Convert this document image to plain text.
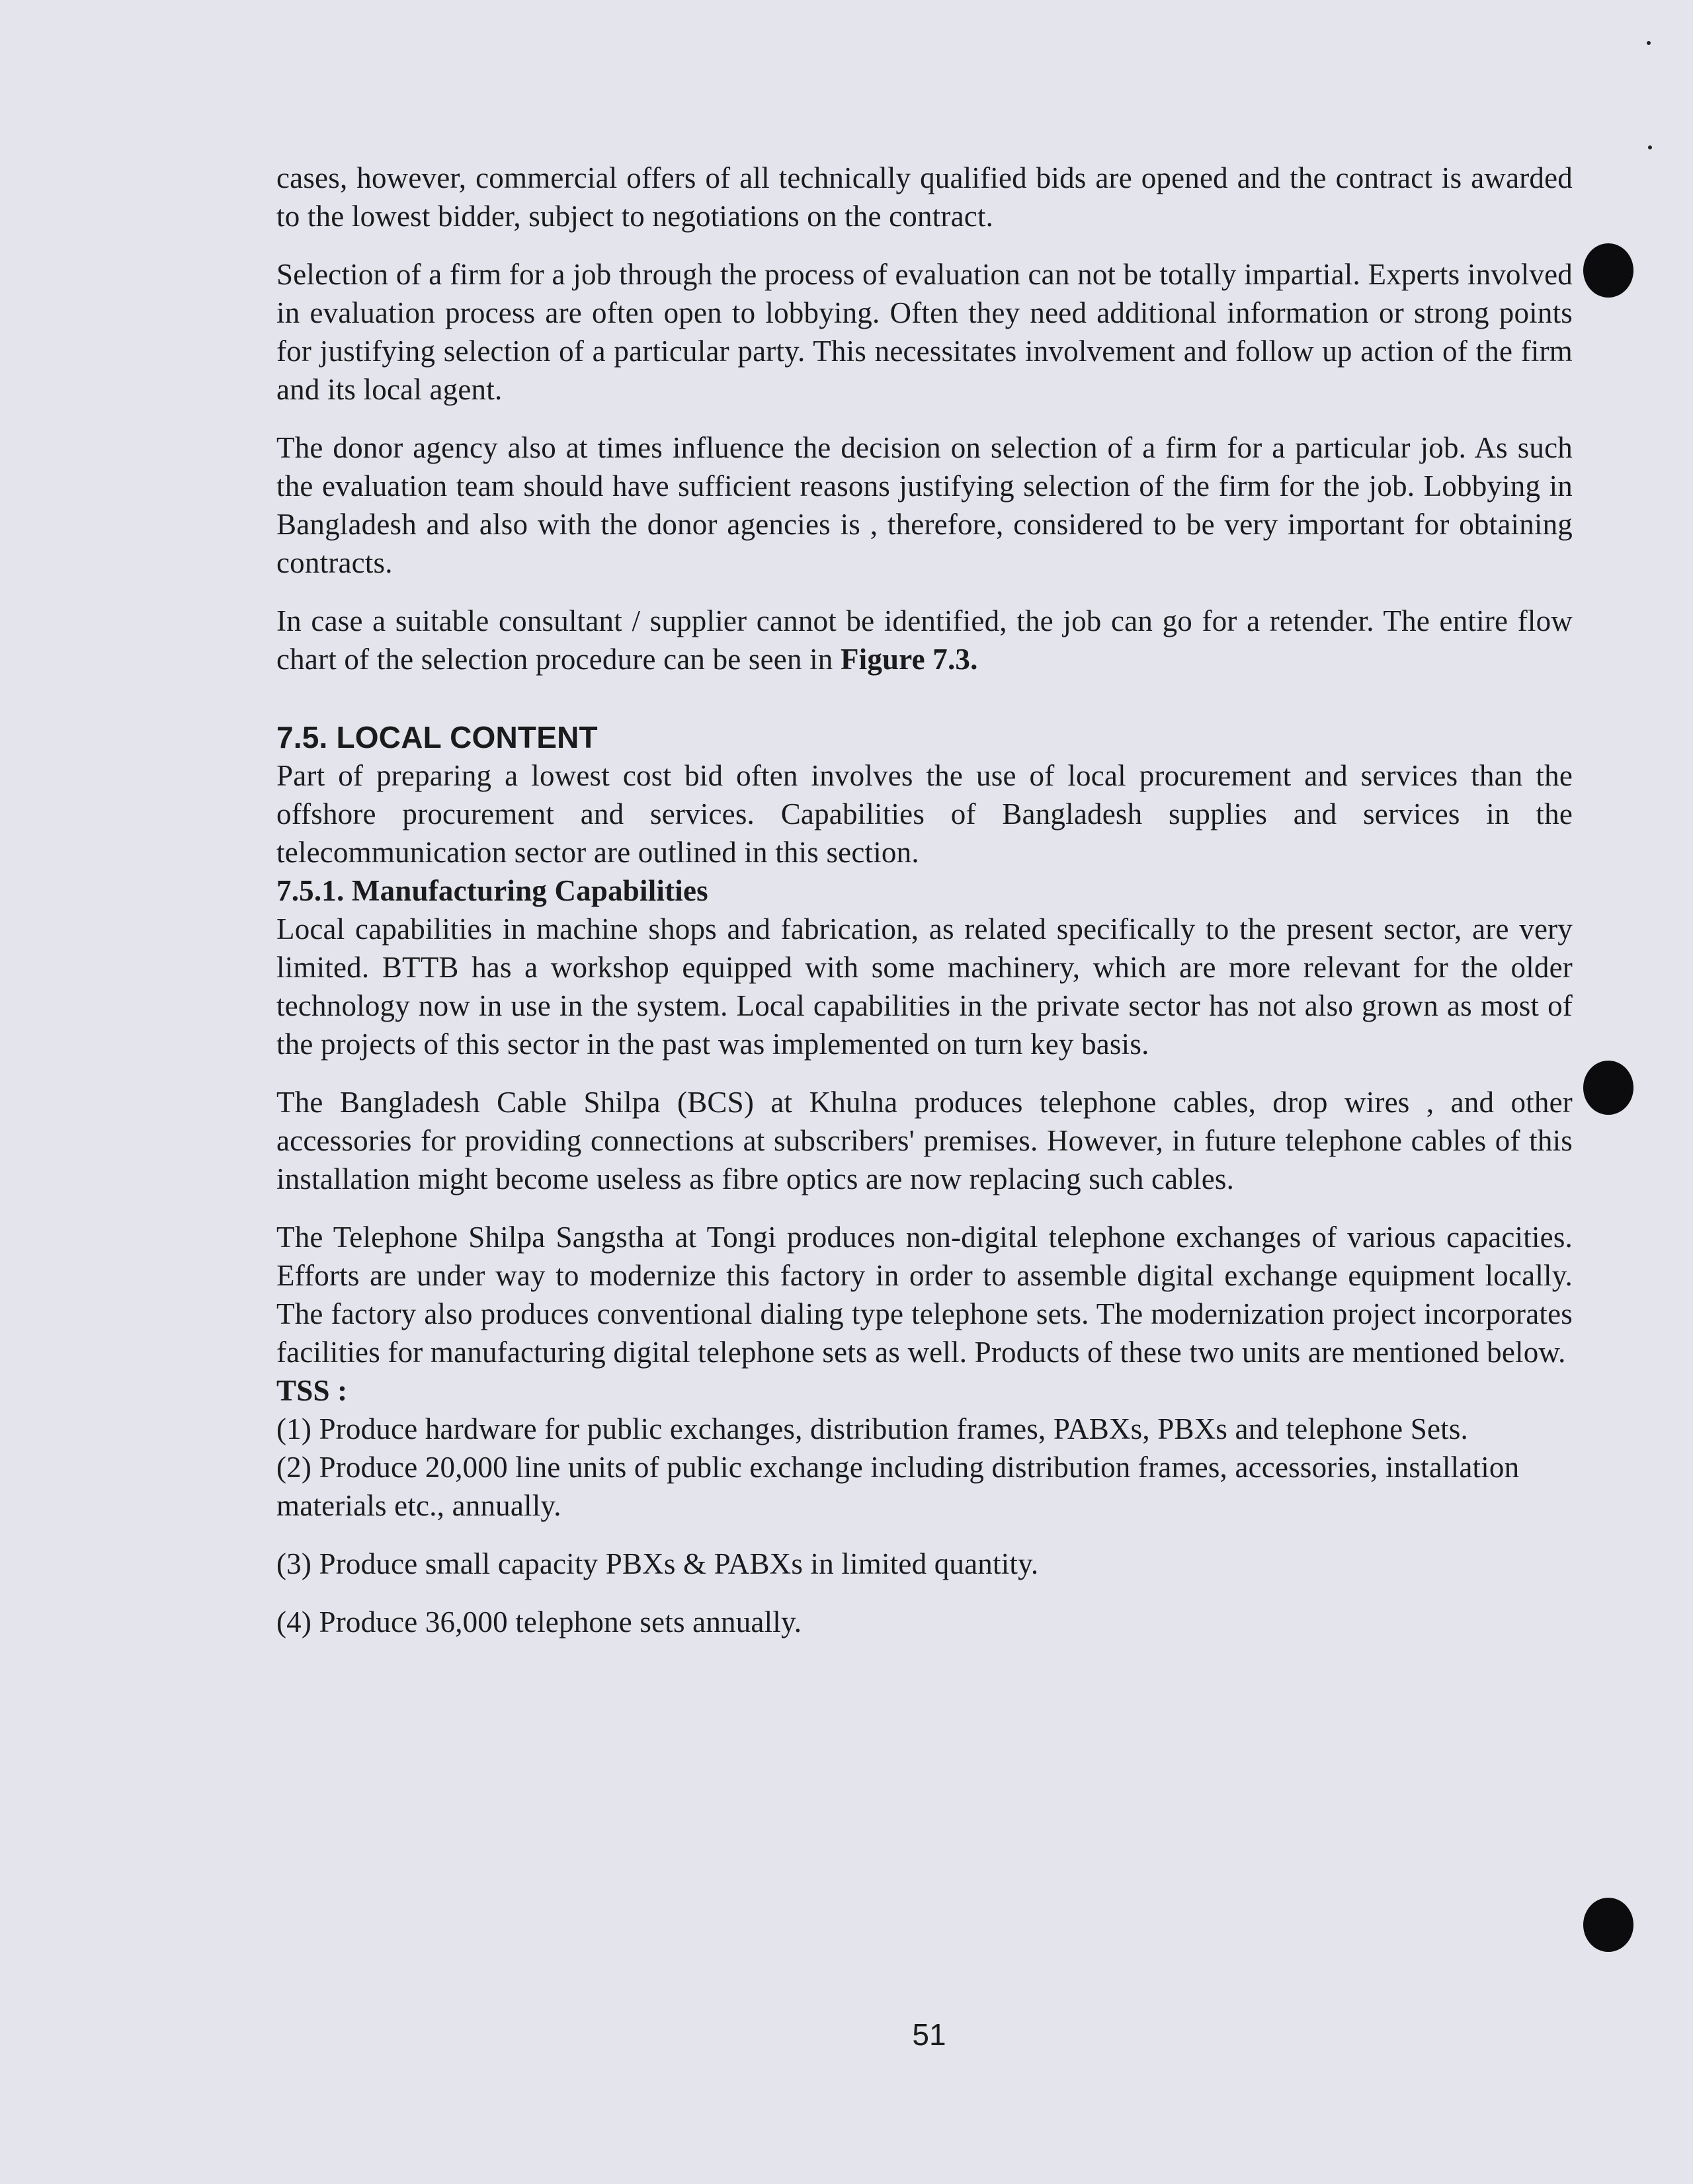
cases, however, commercial offers of all technically qualified bids are opened and the contract is awarded to the lowest bidder, subject to negotiations on the contract.

Selection of a firm for a job through the process of evaluation can not be totally impartial. Experts involved in evaluation process are often open to lobbying. Often they need additional information or strong points for justifying selection of a particular party. This necessitates involvement and follow up action of the firm and its local agent.

The donor agency also at times influence the decision on selection of a firm for a particular job. As such the evaluation team should have sufficient reasons justifying selection of the firm for the job. Lobbying in Bangladesh and also with the donor agencies is , therefore, considered to be very important for obtaining contracts.

In case a suitable consultant / supplier cannot be identified, the job can go for a retender. The entire flow chart of the selection procedure can be seen in Figure 7.3.

7.5. LOCAL CONTENT

Part of preparing a lowest cost bid often involves the use of local procurement and services than the offshore procurement and services. Capabilities of Bangladesh supplies and services in the telecommunication sector are outlined in this section.

7.5.1. Manufacturing Capabilities

Local capabilities in machine shops and fabrication, as related specifically to the present sector, are very limited. BTTB has a workshop equipped with some machinery, which are more relevant for the older technology now in use in the system. Local capabilities in the private sector has not also grown as most of the projects of this sector in the past was implemented on turn key basis.

The Bangladesh Cable Shilpa (BCS) at Khulna produces telephone cables, drop wires , and other accessories for providing connections at subscribers' premises. However, in future telephone cables of this installation might become useless as fibre optics are now replacing such cables.

The Telephone Shilpa Sangstha at Tongi produces non-digital telephone exchanges of various capacities. Efforts are under way to modernize this factory in order to assemble digital exchange equipment locally. The factory also produces conventional dialing type telephone sets. The modernization project incorporates facilities for manufacturing digital telephone sets as well. Products of these two units are mentioned below.

TSS :
(1) Produce hardware for public exchanges, distribution frames, PABXs, PBXs and telephone Sets.
(2) Produce 20,000 line units of public exchange including distribution frames, accessories, installation materials etc., annually.
(3) Produce small capacity PBXs & PABXs in limited quantity.
(4) Produce 36,000 telephone sets annually.
51
